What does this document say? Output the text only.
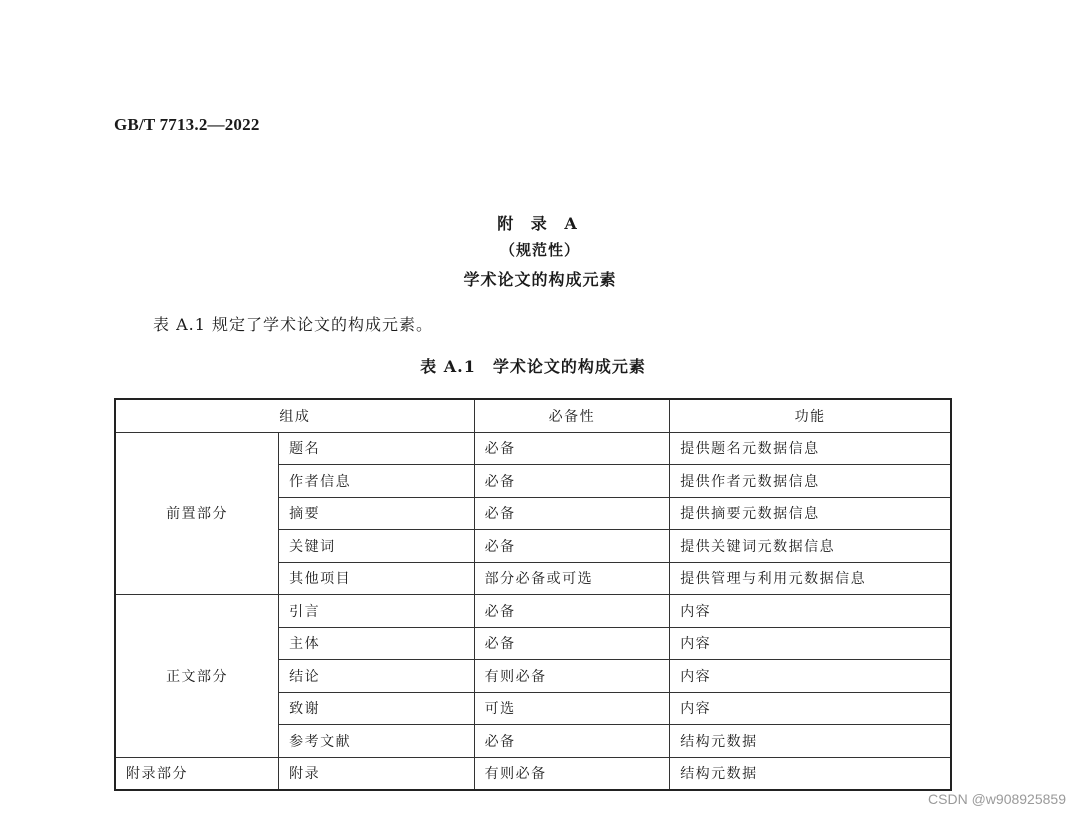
GB/T 7713.2—2022
附 录 A
（规范性）
学术论文的构成元素
表 A.1 规定了学术论文的构成元素。
表 A.1　学术论文的构成元素
组成		必备性	功能
前置部分	题名	必备	提供题名元数据信息
	作者信息	必备	提供作者元数据信息
	摘要	必备	提供摘要元数据信息
	关键词	必备	提供关键词元数据信息
	其他项目	部分必备或可选	提供管理与利用元数据信息
正文部分	引言	必备	内容
	主体	必备	内容
	结论	有则必备	内容
	致谢	可选	内容
	参考文献	必备	结构元数据
附录部分	附录	有则必备	结构元数据
CSDN @w908925859
